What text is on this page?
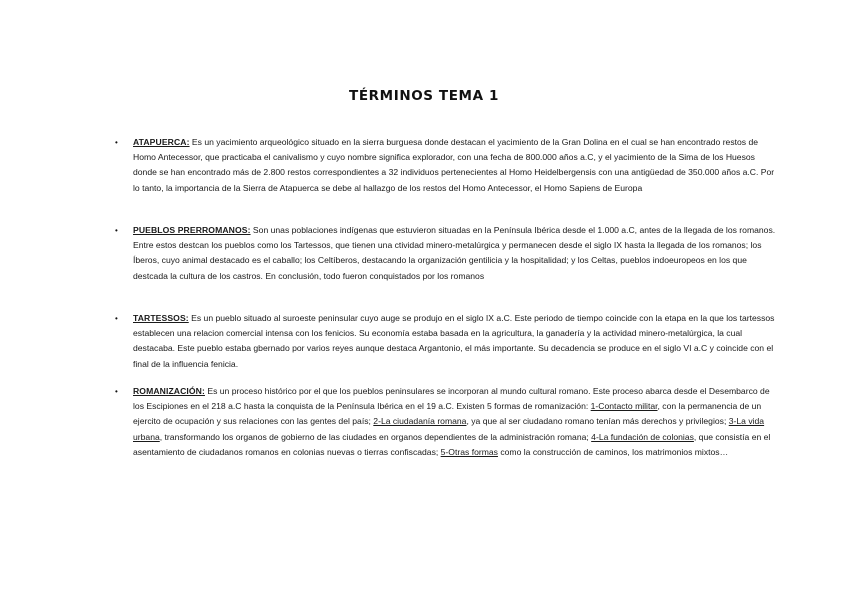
TÉRMINOS TEMA 1
• ATAPUERCA: Es un yacimiento arqueológico situado en la sierra burguesa donde destacan el yacimiento de la Gran Dolina en el cual se han encontrado restos de Homo Antecessor, que practicaba el canivalismo y cuyo nombre significa explorador, con una fecha de 800.000 años a.C, y el yacimiento de la Sima de los Huesos donde se han encontrado más de 2.800 restos correspondientes a 32 individuos pertenecientes al Homo Heidelbergensis con una antigüedad de 350.000 años a.C. Por lo tanto, la importancia de la Sierra de Atapuerca se debe al hallazgo de los restos del Homo Antecessor, el Homo Sapiens de Europa
• PUEBLOS PRERROMANOS: Son unas poblaciones indígenas que estuvieron situadas en la Península Ibérica desde el 1.000 a.C, antes de la llegada de los romanos. Entre estos destcan los pueblos como los Tartessos, que tienen una ctividad minero-metalúrgica y permanecen desde el siglo IX hasta la llegada de los romanos; los Íberos, cuyo animal destacado es el caballo; los Celtíberos, destacando la organización gentilicia y la hospitalidad; y los Celtas, pueblos indoeuropeos en los que destcada la cultura de los castros. En conclusión, todo fueron conquistados por los romanos
• TARTESSOS: Es un pueblo situado al suroeste peninsular cuyo auge se produjo en el siglo IX a.C. Este periodo de tiempo coincide con la etapa en la que los tartessos establecen una relacion comercial intensa con los fenicios. Su economía estaba basada en la agricultura, la ganadería y la actividad minero-metalúrgica, la cual destacaba. Este pueblo estaba gbernado por varios reyes aunque destaca Argantonio, el más importante. Su decadencia se produce en el siglo VI a.C y coincide con el final de la influencia fenicia.
• ROMANIZACIÓN: Es un proceso histórico por el que los pueblos peninsulares se incorporan al mundo cultural romano. Este proceso abarca desde el Desembarco de los Escipiones en el 218 a.C hasta la conquista de la Península Ibérica en el 19 a.C. Existen 5 formas de romanización: 1-Contacto militar, con la permanencia de un ejercito de ocupación y sus relaciones con las gentes del país; 2-La ciudadanía romana, ya que al ser ciudadano romano tenían más derechos y privilegios; 3-La vida urbana, transformando los organos de gobierno de las ciudades en organos dependientes de la administración romana; 4-La fundación de colonias, que consistía en el asentamiento de ciudadanos romanos en colonias nuevas o tierras confiscadas; 5-Otras formas como la construcción de caminos, los matrimonios mixtos…
